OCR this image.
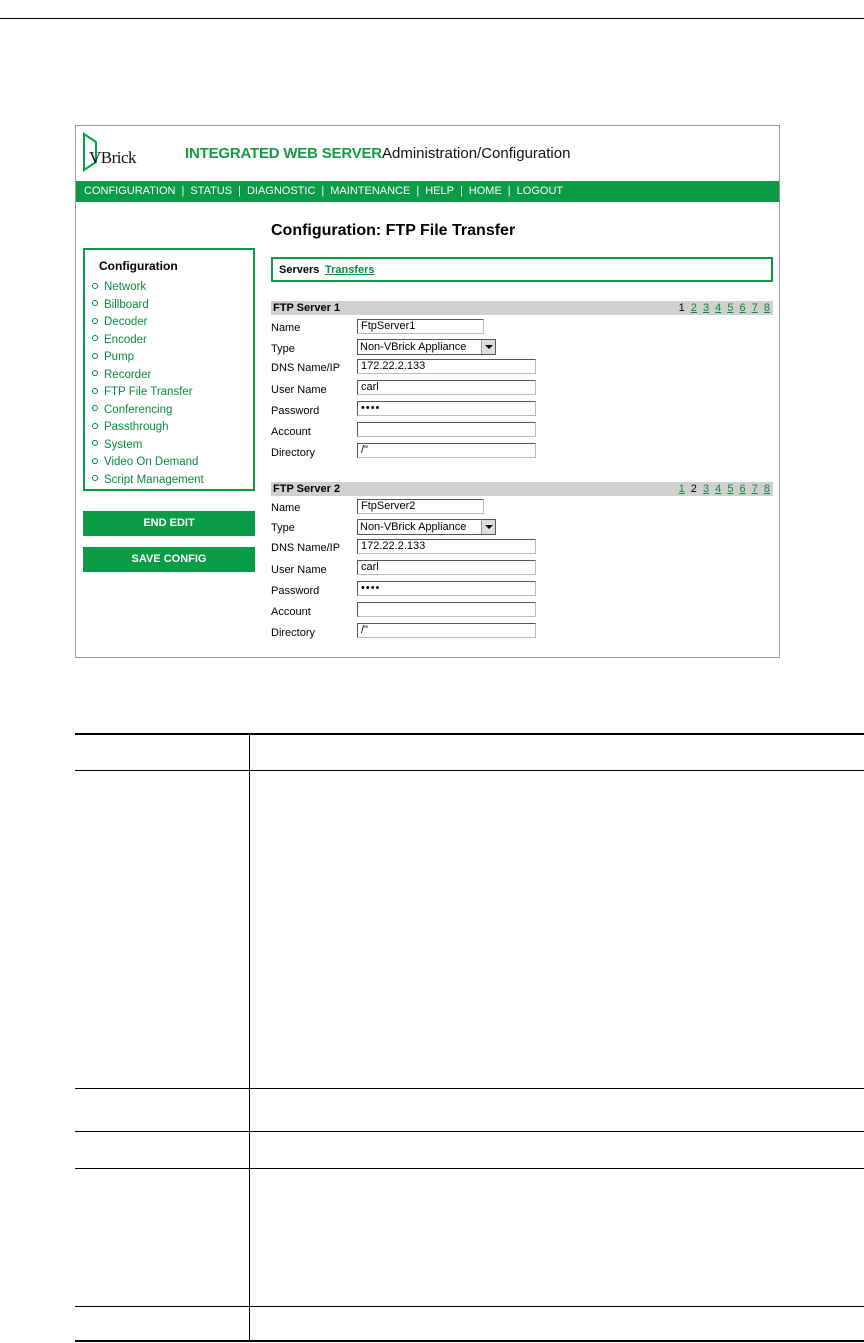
VBrick	INTEGRATED WEB SERVER Administration/Configuration
CONFIGURATION | STATUS | DIAGNOSTIC | MAINTENANCE | HELP | HOME | LOGOUT
Configuration: FTP File Transfer
Configuration
Network
Billboard
Decoder
Encoder
Pump
Recorder
FTP File Transfer
Conferencing
Passthrough
System
Video On Demand
Script Management
END EDIT
SAVE CONFIG
Servers Transfers
FTP Server 1	1 2 3 4 5 6 7 8
Name	FtpServer1
Type	Non-VBrick Appliance
DNS Name/IP	172.22.2.133
User Name	carl
Password	••••
Account
Directory	/"
FTP Server 2	1 2 3 4 5 6 7 8
Name	FtpServer2
Type	Non-VBrick Appliance
DNS Name/IP	172.22.2.133
User Name	carl
Password	••••
Account
Directory	/"
